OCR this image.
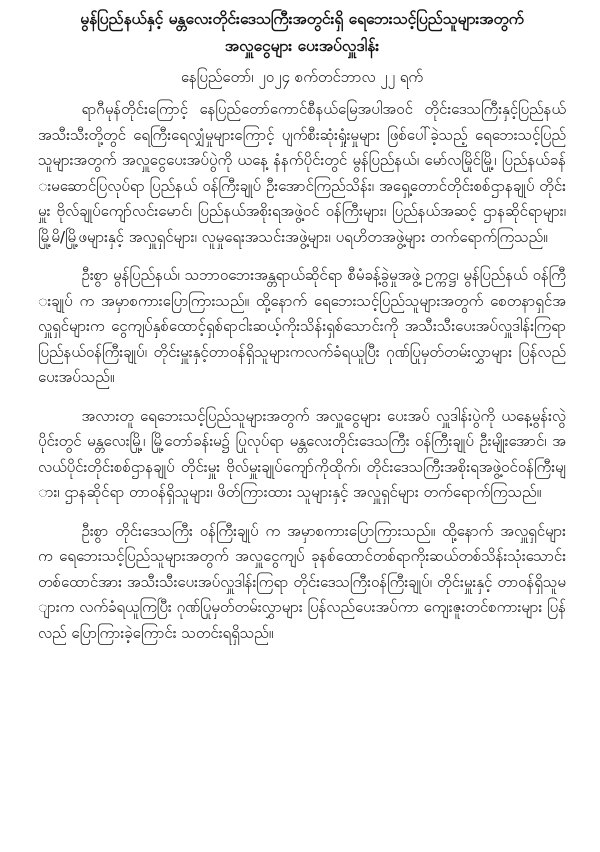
မွန်ပြည်နယ်နှင့် မန္တလေးတိုင်းဒေသကြီးအတွင်းရှိ ရေဘေးသင့်ပြည်သူများအတွက်

အလှူငွေများ ပေးအပ်လှူဒါန်း

နေပြည်တော်၊ ၂၀၂၄ စက်တင်ဘာလ ၂၂ ရက်

ရာဂီမုန်တိုင်းကြောင့် နေပြည်တော်ကောင်စီနယ်မြေအပါအဝင် တိုင်းဒေသကြီးနှင့်ပြည်နယ်အသီးသီးတို့တွင် ရေကြီးရေလျှံမှုများကြောင့် ပျက်စီးဆုံးရှုံးမှုများ ဖြစ်ပေါ်ခဲ့သည့် ရေဘေးသင့်ပြည်သူများအတွက် အလှူငွေပေးအပ်ပွဲကို ယနေ့ နံနက်ပိုင်းတွင် မွန်ပြည်နယ်၊ မော်လမြိုင်မြို့၊ ပြည်နယ်ခန်းမဆောင်ပြလုပ်ရာ ပြည်နယ် ဝန်ကြီးချုပ် ဦးအောင်ကြည်သိန်း၊ အရှေ့တောင်တိုင်းစစ်ဌာနချုပ် တိုင်းမှူး ဗိုလ်ချုပ်ကျော်လင်းမောင်၊ ပြည်နယ်အစိုးရအဖွဲ့ဝင် ဝန်ကြီးများ၊ ပြည်နယ်အဆင့် ဌာနဆိုင်ရာများ၊ မြို့မိ/မြို့ဖများနှင့် အလှူရှင်များ၊ လူမှုရေးအသင်းအဖွဲ့များ၊ ပရဟိတအဖွဲ့များ တက်ရောက်ကြသည်။

ဦးစွာ မွန်ပြည်နယ်၊ သဘာဝဘေးအန္တရာယ်ဆိုင်ရာ စီမံခန့်ခွဲမှုအဖွဲ့ ဥက္ကဋ္ဌ၊ မွန်ပြည်နယ် ဝန်ကြီးချုပ် က အမှာစကားပြောကြားသည်။ ထို့နောက် ရေဘေးသင့်ပြည်သူများအတွက် စေတနာရှင်အလှူရှင်များက ငွေကျပ်နှစ်ထောင့်ရှစ်ရာငါးဆယ့်ကိုးသိန်းရှစ်သောင်းကို အသီးသီးပေးအပ်လှူဒါန်းကြရာ ပြည်နယ်ဝန်ကြီးချုပ်၊ တိုင်းမှူးနှင့်တာဝန်ရှိသူများကလက်ခံရယူပြီး ဂုဏ်ပြုမှတ်တမ်းလွှာများ ပြန်လည်ပေးအပ်သည်။

အလားတူ ရေဘေးသင့်ပြည်သူများအတွက် အလှူငွေများ ပေးအပ် လှူဒါန်းပွဲကို ယနေ့မွန်းလွဲပိုင်းတွင် မန္တလေးမြို့၊ မြို့တော်ခန်းမ၌ ပြုလုပ်ရာ မန္တလေးတိုင်းဒေသကြီး ဝန်ကြီးချုပ် ဦးမျိုးအောင်၊ အလယ်ပိုင်းတိုင်းစစ်ဌာနချုပ် တိုင်းမှူး ဗိုလ်မှူးချုပ်ကျော်ကိုထိုက်၊ တိုင်းဒေသကြီးအစိုးရအဖွဲ့ဝင်ဝန်ကြီးများ၊ ဌာနဆိုင်ရာ တာဝန်ရှိသူများ၊ ဖိတ်ကြားထား သူများနှင့် အလှူရှင်များ တက်ရောက်ကြသည်။

ဦးစွာ တိုင်းဒေသကြီး ဝန်ကြီးချုပ် က အမှာစကားပြောကြားသည်။ ထို့နောက် အလှူရှင်များက ရေဘေးသင့်ပြည်သူများအတွက် အလှူငွေကျပ် ခုနစ်ထောင်တစ်ရာကိုးဆယ်တစ်သိန်းသုံးသောင်းတစ်ထောင်အား အသီးသီးပေးအပ်လှူဒါန်းကြရာ တိုင်းဒေသကြီးဝန်ကြီးချုပ်၊ တိုင်းမှူးနှင့် တာဝန်ရှိသူများက လက်ခံရယူကြပြီး ဂုဏ်ပြုမှတ်တမ်းလွှာများ ပြန်လည်ပေးအပ်ကာ ကျေးဇူးတင်စကားများ ပြန်လည် ပြောကြားခဲ့ကြောင်း သတင်းရရှိသည်။
